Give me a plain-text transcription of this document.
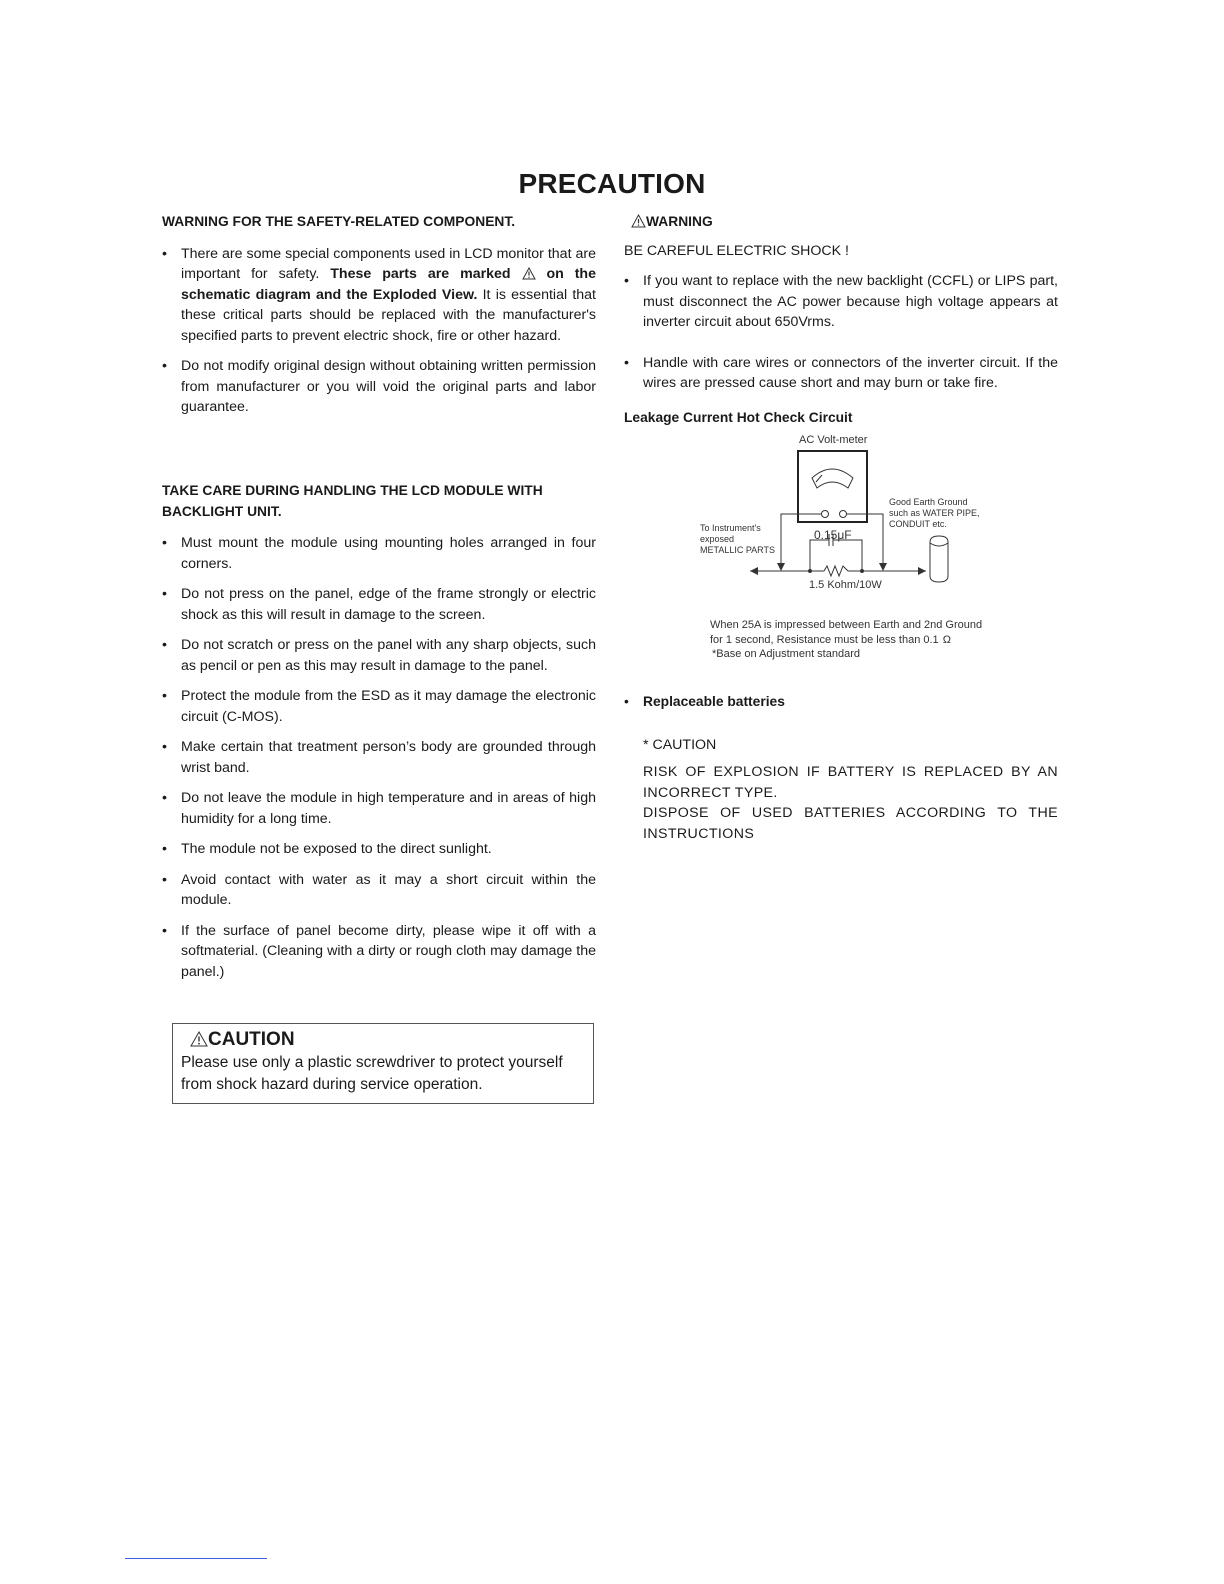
PRECAUTION
WARNING FOR THE SAFETY-RELATED COMPONENT.
• There are some special components used in LCD monitor that are important for safety. These parts are marked  on the schematic diagram and the Exploded View. It is essential that these critical parts should be replaced with the manufacturer's specified parts to prevent electric shock, fire or other hazard.
• Do not modify original design without obtaining written permission from manufacturer or you will void the original parts and labor guarantee.
TAKE CARE DURING HANDLING THE LCD MODULE WITH BACKLIGHT UNIT.
• Must mount the module using mounting holes arranged in four corners.
• Do not press on the panel, edge of the frame strongly or electric shock as this will result in damage to the screen.
• Do not scratch or press on the panel with any sharp objects, such as pencil or pen as this may result in damage to the panel.
• Protect the module from the ESD as it may damage the electronic circuit (C-MOS).
• Make certain that treatment person’s body are grounded through wrist band.
• Do not leave the module in high temperature and in areas of high humidity for a long time.
• The module not be exposed to the direct sunlight.
• Avoid contact with water as it may a short circuit within the module.
• If the surface of panel become dirty, please wipe it off with a softmaterial. (Cleaning with a dirty or rough cloth may damage the panel.)
CAUTION
Please use only a plastic screwdriver to protect yourself
from shock hazard during service operation.
WARNING
BE CAREFUL ELECTRIC SHOCK !
• If you want to replace with the new backlight (CCFL) or LIPS part, must disconnect the AC power because high voltage appears at inverter circuit about 650Vrms.
• Handle with care wires or connectors of the inverter circuit. If the wires are pressed cause short and may burn or take fire.
Leakage Current Hot Check Circuit
AC Volt-meter
0.15μF
1.5 Kohm/10W
Good Earth Ground
such as WATER PIPE,
CONDUIT etc.
To Instrument's
exposed
METALLIC PARTS
When 25A is impressed between Earth and 2nd Ground
for 1 second, Resistance must be less than 0.1 Ω
*Base on Adjustment standard
• Replaceable batteries
* CAUTION
RISK OF EXPLOSION IF BATTERY IS REPLACED BY AN INCORRECT TYPE.
DISPOSE OF USED BATTERIES ACCORDING TO THE INSTRUCTIONS
